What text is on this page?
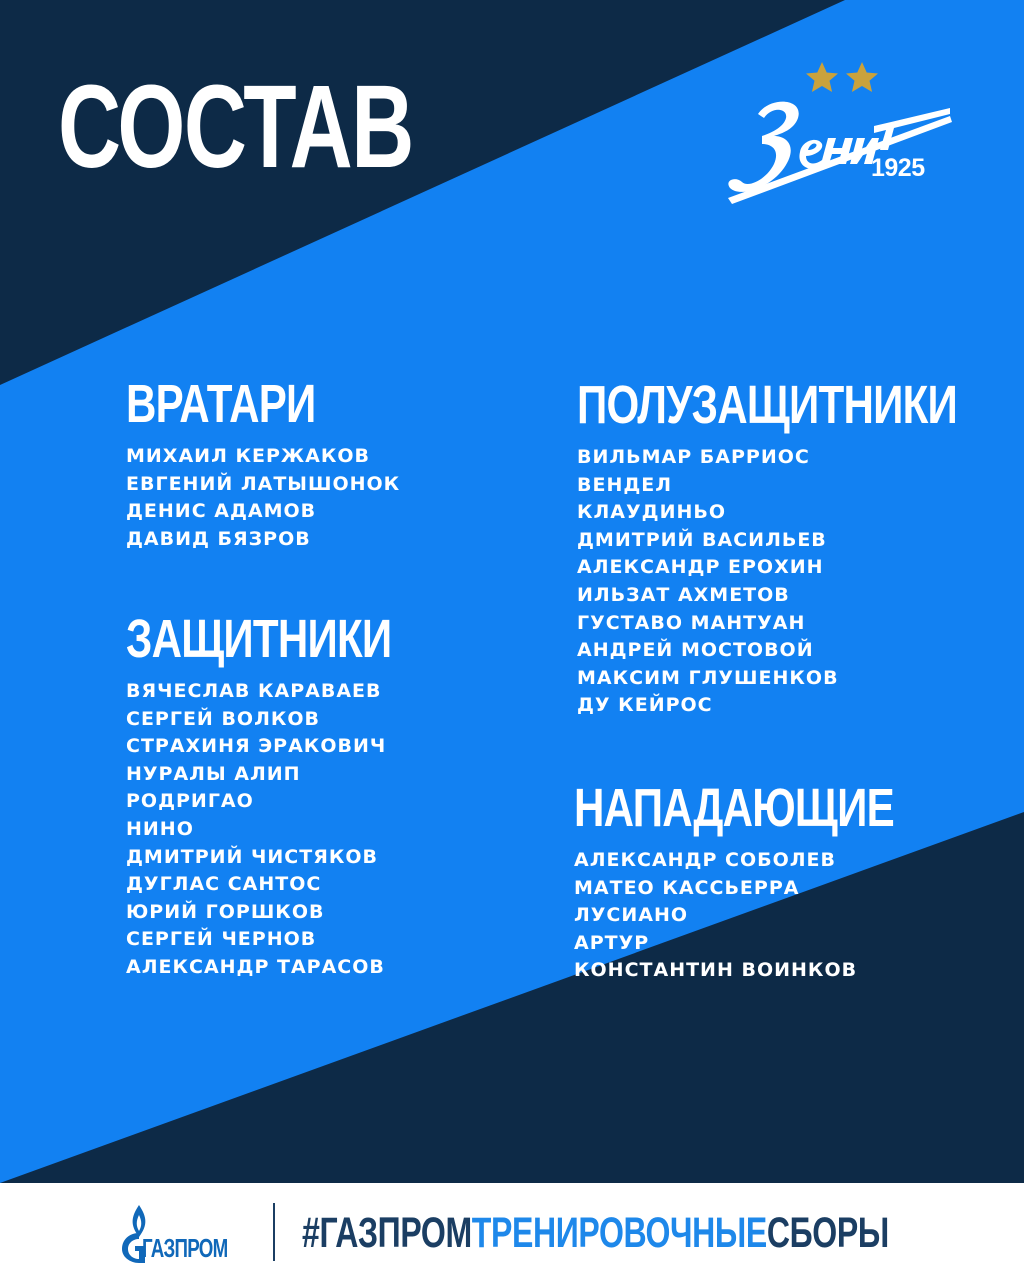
СОСТАВ	1925
ВРАТАРИ
МИХАИЛ КЕРЖАКОВ
ЕВГЕНИЙ ЛАТЫШОНОК
ДЕНИС АДАМОВ
ДАВИД БЯЗРОВ
ЗАЩИТНИКИ
ВЯЧЕСЛАВ КАРАВАЕВ
СЕРГЕЙ ВОЛКОВ
СТРАХИНЯ ЭРАКОВИЧ
НУРАЛЫ АЛИП
РОДРИГАО
НИНО
ДМИТРИЙ ЧИСТЯКОВ
ДУГЛАС САНТОС
ЮРИЙ ГОРШКОВ
СЕРГЕЙ ЧЕРНОВ
АЛЕКСАНДР ТАРАСОВ
ПОЛУЗАЩИТНИКИ
ВИЛЬМАР БАРРИОС
ВЕНДЕЛ
КЛАУДИНЬО
ДМИТРИЙ ВАСИЛЬЕВ
АЛЕКСАНДР ЕРОХИН
ИЛЬЗАТ АХМЕТОВ
ГУСТАВО МАНТУАН
АНДРЕЙ МОСТОВОЙ
МАКСИМ ГЛУШЕНКОВ
ДУ КЕЙРОС
НАПАДАЮЩИЕ
АЛЕКСАНДР СОБОЛЕВ
МАТЕО КАССЬЕРРА
ЛУСИАНО
АРТУР
КОНСТАНТИН ВОИНКОВ
ГАЗПРОМ #ГАЗПРОМТРЕНИРОВОЧНЫЕСБОРЫ
